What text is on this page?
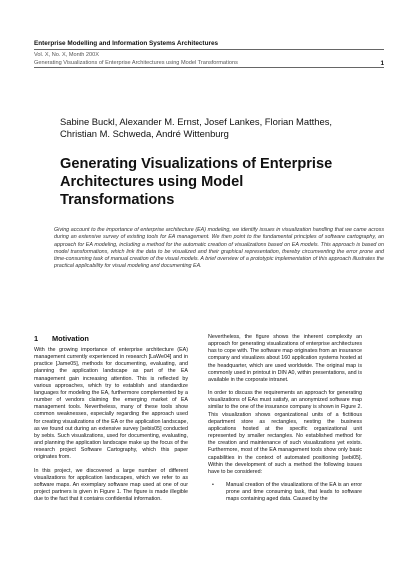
Enterprise Modelling and Information Systems Architectures
Vol. X, No. X, Month 200X
Generating Visualizations of Enterprise Architectures using Model Transformations	1
Sabine Buckl, Alexander M. Ernst, Josef Lankes, Florian Matthes,
Christian M. Schweda, André Wittenburg
Generating Visualizations of Enterprise
Architectures using Model
Transformations
Giving account to the importance of enterprise architecture (EA) modeling, we identify issues in visualization handling that we came across during an extensive survey of existing tools for EA management. We then point to the fundamental principles of software cartography, an approach for EA modeling, including a method for the automatic creation of visualizations based on EA models. This approach is based on model transformations, which link the data to be visualized and their graphical representation, thereby circumventing the error prone and time-consuming task of manual creation of the visual models. A brief overview of a prototypic implementation of this approach illustrates the practical applicability for visual modeling and documenting EA.
1 Motivation

With the growing importance of enterprise architecture (EA) management currently experienced in research [LaWe04] and in practice [Jame05], methods for documenting, evaluating, and planning the application landscape as part of the EA management gain increasing attention. This is reflected by various approaches, which try to establish and standardize languages for modeling the EA, furthermore complemented by a number of vendors claiming the emerging market of EA management tools. Nevertheless, many of these tools show common weaknesses, especially regarding the approach used for creating visualizations of the EA or the application landscape, as we found out during an extensive survey [sebis05] conducted by sebis. Such visualizations, used for documenting, evaluating, and planning the application landscape make up the focus of the research project Software Cartography, which this paper originates from.

In this project, we discovered a large number of different visualizations for application landscapes, which we refer to as software maps. An exemplary software map used at one of our project partners is given in Figure 1. The figure is made illegible due to the fact that it contains confidential information.

Nevertheless, the figure shows the inherent complexity an approach for generating visualizations of enterprise architectures has to cope with. The software map originates from an insurance company and visualizes about 160 application systems hosted at the headquarter, which are used worldwide. The original map is commonly used in printout in DIN A0, within presentations, and is available in the corporate intranet.

In order to discuss the requirements an approach for generating visualizations of EAs must satisfy, an anonymized software map similar to the one of the insurance company is shown in Figure 2. This visualization shows organizational units of a fictitious department store as rectangles, nesting the business applications hosted at the specific organizational unit represented by smaller rectangles. No established method for the creation and maintenance of such visualizations yet exists. Furthermore, most of the EA management tools show only basic capabilities in the context of automated positioning [sebi05]. Within the development of such a method the following issues have to be considered:

• Manual creation of the visualizations of the EA is an error prone and time consuming task, that leads to software maps containing aged data. Caused by the
